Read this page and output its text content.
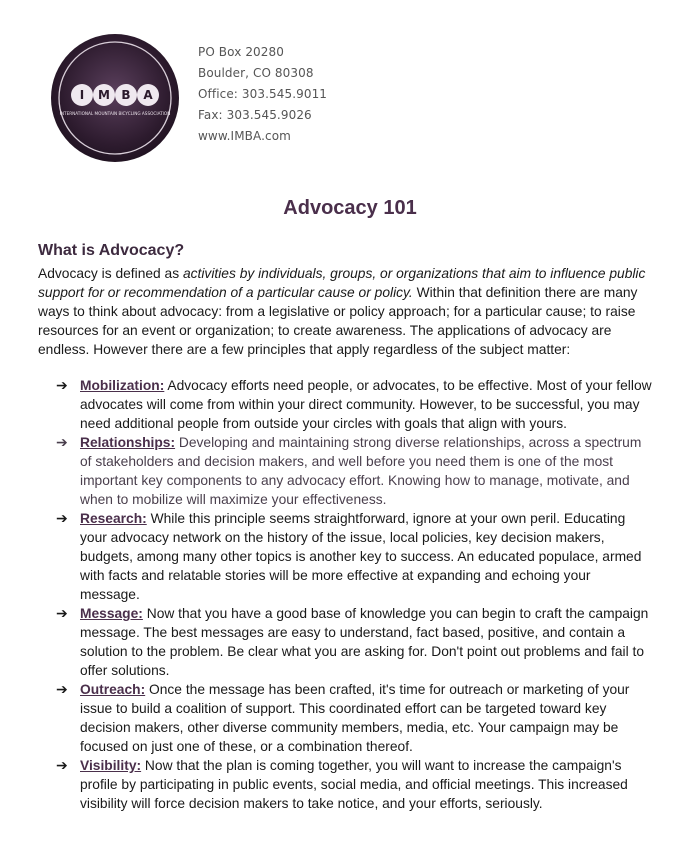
I M B A
INTERNATIONAL MOUNTAIN BICYCLING ASSOCIATION
PO Box 20280
Boulder, CO 80308
Office: 303.545.9011
Fax: 303.545.9026
www.IMBA.com
Advocacy 101
What is Advocacy?

Advocacy is defined as activities by individuals, groups, or organizations that aim to influence public support for or recommendation of a particular cause or policy. Within that definition there are many ways to think about advocacy: from a legislative or policy approach; for a particular cause; to raise resources for an event or organization; to create awareness. The applications of advocacy are endless. However there are a few principles that apply regardless of the subject matter:

➔ Mobilization: Advocacy efforts need people, or advocates, to be effective. Most of your fellow advocates will come from within your direct community. However, to be successful, you may need additional people from outside your circles with goals that align with yours.
➔ Relationships: Developing and maintaining strong diverse relationships, across a spectrum of stakeholders and decision makers, and well before you need them is one of the most important key components to any advocacy effort. Knowing how to manage, motivate, and when to mobilize will maximize your effectiveness.
➔ Research: While this principle seems straightforward, ignore at your own peril. Educating your advocacy network on the history of the issue, local policies, key decision makers, budgets, among many other topics is another key to success. An educated populace, armed with facts and relatable stories will be more effective at expanding and echoing your message.
➔ Message: Now that you have a good base of knowledge you can begin to craft the campaign message. The best messages are easy to understand, fact based, positive, and contain a solution to the problem. Be clear what you are asking for. Don't point out problems and fail to offer solutions.
➔ Outreach: Once the message has been crafted, it's time for outreach or marketing of your issue to build a coalition of support. This coordinated effort can be targeted toward key decision makers, other diverse community members, media, etc. Your campaign may be focused on just one of these, or a combination thereof.
➔ Visibility: Now that the plan is coming together, you will want to increase the campaign's profile by participating in public events, social media, and official meetings. This increased visibility will force decision makers to take notice, and your efforts, seriously.
